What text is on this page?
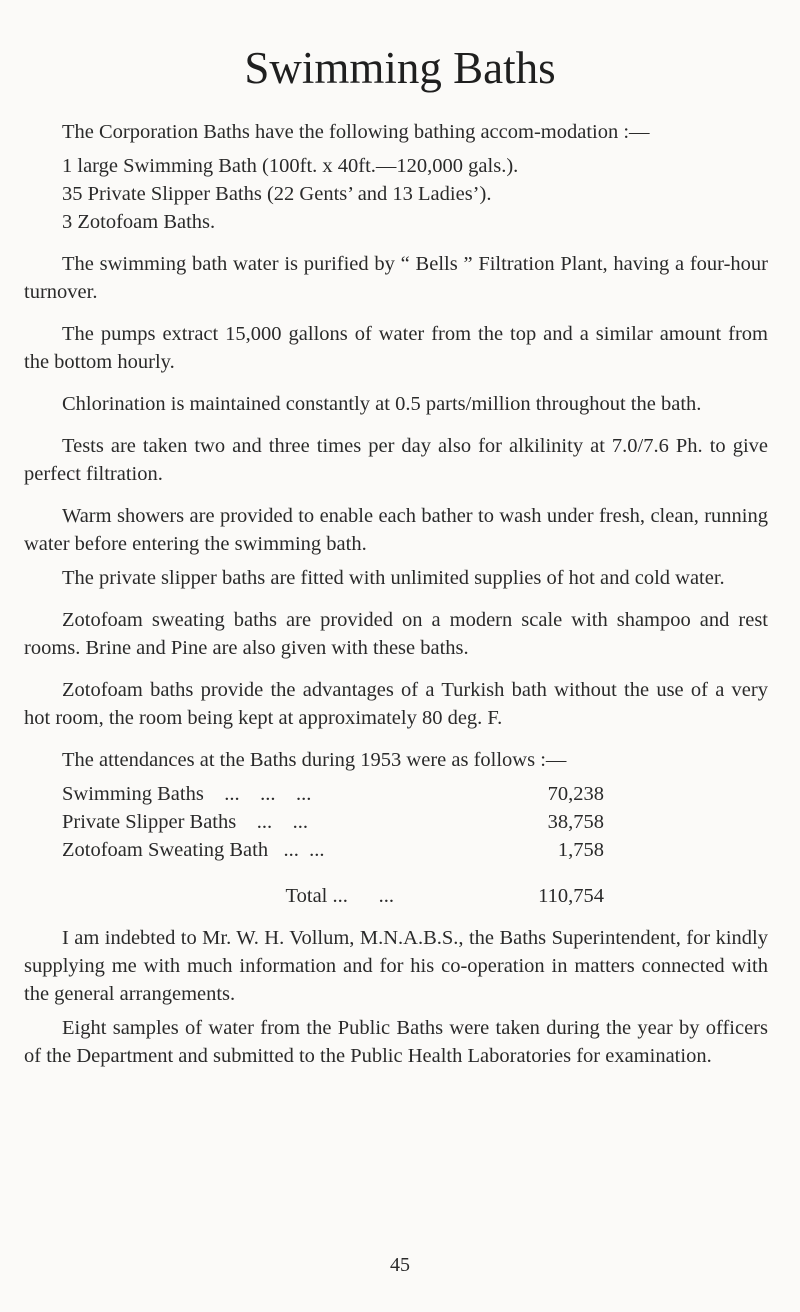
Swimming Baths

The Corporation Baths have the following bathing accom-modation :—

1 large Swimming Bath (100ft. x 40ft.—120,000 gals.).
35 Private Slipper Baths (22 Gents’ and 13 Ladies’).
3 Zotofoam Baths.

The swimming bath water is purified by “ Bells ” Filtration Plant, having a four-hour turnover.

The pumps extract 15,000 gallons of water from the top and a similar amount from the bottom hourly.

Chlorination is maintained constantly at 0.5 parts/million throughout the bath.

Tests are taken two and three times per day also for alkilinity at 7.0/7.6 Ph. to give perfect filtration.

Warm showers are provided to enable each bather to wash under fresh, clean, running water before entering the swimming bath.

The private slipper baths are fitted with unlimited supplies of hot and cold water.

Zotofoam sweating baths are provided on a modern scale with shampoo and rest rooms. Brine and Pine are also given with these baths.

Zotofoam baths provide the advantages of a Turkish bath without the use of a very hot room, the room being kept at approximately 80 deg. F.

The attendances at the Baths during 1953 were as follows :—

Swimming Baths    ...    ...    ...	70,238
Private Slipper Baths    ...    ...	38,758
Zotofoam Sweating Bath   ...  ...	1,758
Total ...      ...	110,754

I am indebted to Mr. W. H. Vollum, M.N.A.B.S., the Baths Superintendent, for kindly supplying me with much information and for his co-operation in matters connected with the general arrangements.

Eight samples of water from the Public Baths were taken during the year by officers of the Department and submitted to the Public Health Laboratories for examination.

45
